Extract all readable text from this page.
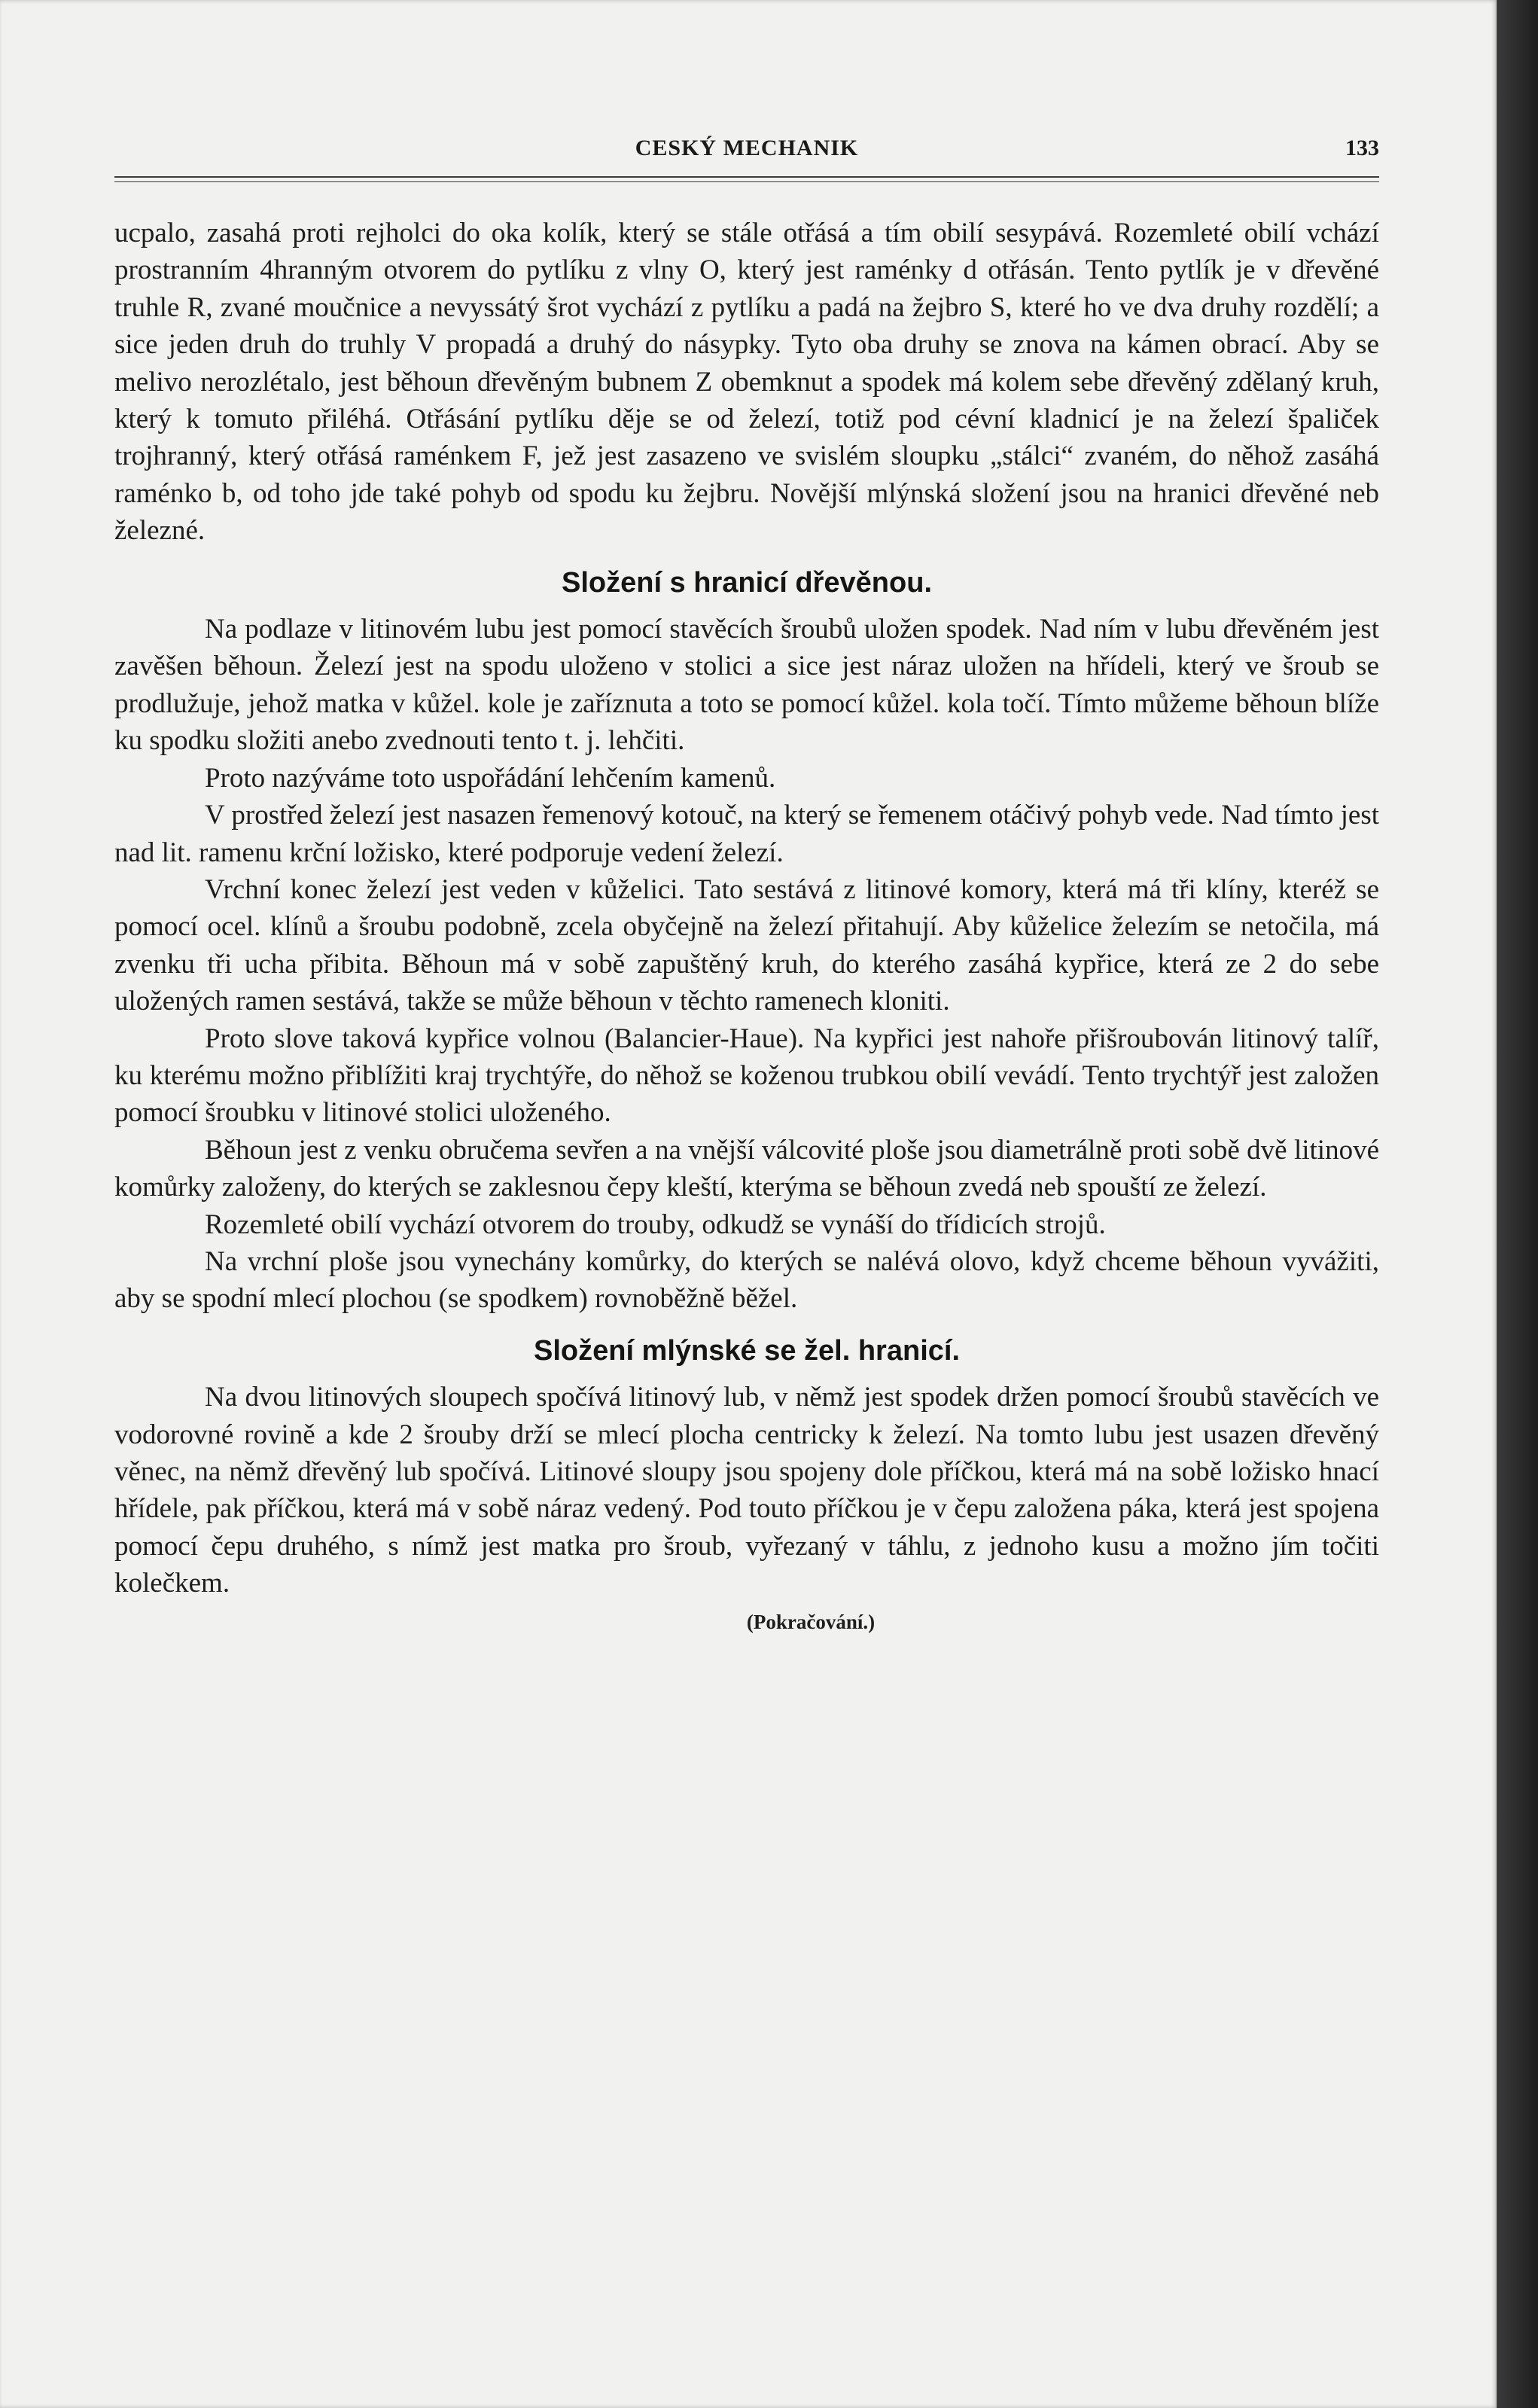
CESKÝ MECHANIK	133

ucpalo, zasahá proti rejholci do oka kolík, který se stále otřásá a tím obilí sesypává. Rozemleté obilí vchází prostranním 4hranným otvorem do pytlíku z vlny O, který jest raménky d otřásán. Tento pytlík je v dřevěné truhle R, zvané moučnice a nevyssátý šrot vychází z pytlíku a padá na žejbro S, které ho ve dva druhy rozdělí; a sice jeden druh do truhly V propadá a druhý do násypky. Tyto oba druhy se znova na kámen obrací. Aby se melivo nerozlétalo, jest běhoun dřevěným bubnem Z obemknut a spodek má kolem sebe dřevěný zdělaný kruh, který k tomuto přiléhá. Otřásání pytlíku děje se od železí, totiž pod cévní kladnicí je na železí špaliček trojhranný, který otřásá raménkem F, jež jest zasazeno ve svislém sloupku „stálci“ zvaném, do něhož zasáhá raménko b, od toho jde také pohyb od spodu ku žejbru. Novější mlýnská složení jsou na hranici dřevěné neb železné.

Složení s hranicí dřevěnou.

Na podlaze v litinovém lubu jest pomocí stavěcích šroubů uložen spodek. Nad ním v lubu dřevěném jest zavěšen běhoun. Železí jest na spodu uloženo v stolici a sice jest náraz uložen na hřídeli, který ve šroub se prodlužuje, jehož matka v kůžel. kole je zaříznuta a toto se pomocí kůžel. kola točí. Tímto můžeme běhoun blíže ku spodku složiti anebo zvednouti tento t. j. lehčiti.

Proto nazýváme toto uspořádání lehčením kamenů.

V prostřed železí jest nasazen řemenový kotouč, na který se řemenem otáčivý pohyb vede. Nad tímto jest nad lit. ramenu krční ložisko, které podporuje vedení železí.

Vrchní konec železí jest veden v kůželici. Tato sestává z litinové komory, která má tři klíny, kteréž se pomocí ocel. klínů a šroubu podobně, zcela obyčejně na železí přitahují. Aby kůželice železím se netočila, má zvenku tři ucha přibita. Běhoun má v sobě zapuštěný kruh, do kterého zasáhá kypřice, která ze 2 do sebe uložených ramen sestává, takže se může běhoun v těchto ramenech kloniti.

Proto slove taková kypřice volnou (Balancier-Haue). Na kypřici jest nahoře přišroubován litinový talíř, ku kterému možno přiblížiti kraj trychtýře, do něhož se koženou trubkou obilí vevádí. Tento trychtýř jest založen pomocí šroubku v litinové stolici uloženého.

Běhoun jest z venku obručema sevřen a na vnější válcovité ploše jsou diametrálně proti sobě dvě litinové komůrky založeny, do kterých se zaklesnou čepy kleští, kterýma se běhoun zvedá neb spouští ze železí.

Rozemleté obilí vychází otvorem do trouby, odkudž se vynáší do třídicích strojů.

Na vrchní ploše jsou vynechány komůrky, do kterých se nalévá olovo, když chceme běhoun vyvážiti, aby se spodní mlecí plochou (se spodkem) rovnoběžně běžel.

Složení mlýnské se žel. hranicí.

Na dvou litinových sloupech spočívá litinový lub, v němž jest spodek držen pomocí šroubů stavěcích ve vodorovné rovině a kde 2 šrouby drží se mlecí plocha centricky k železí. Na tomto lubu jest usazen dřevěný věnec, na němž dřevěný lub spočívá. Litinové sloupy jsou spojeny dole příčkou, která má na sobě ložisko hnací hřídele, pak příčkou, která má v sobě náraz vedený. Pod touto příčkou je v čepu založena páka, která jest spojena pomocí čepu druhého, s nímž jest matka pro šroub, vyřezaný v táhlu, z jednoho kusu a možno jím točiti kolečkem.

(Pokračování.)
